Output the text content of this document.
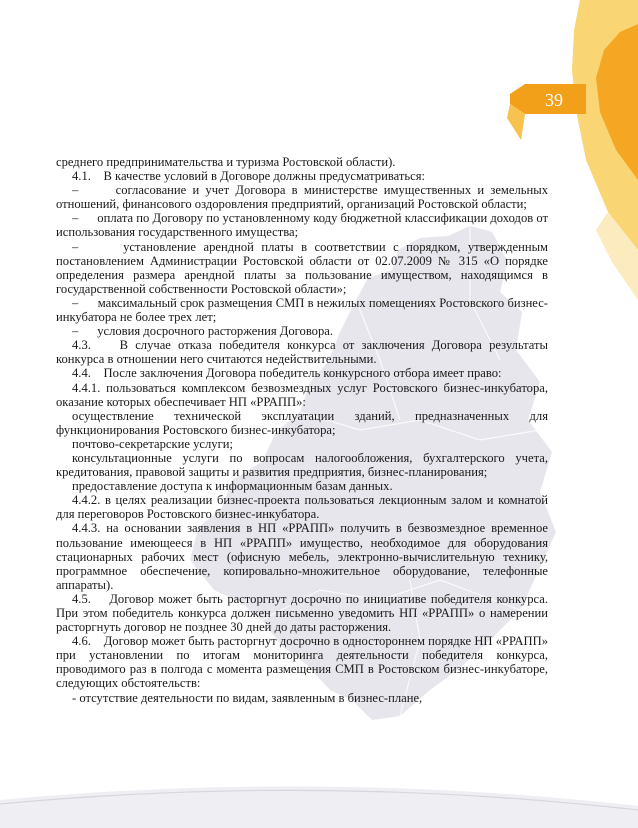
39

среднего предпринимательства и туризма Ростовской области).

4.1.    В качестве условий в Договоре должны предусматриваться:

–      согласование и учет Договора в министерстве имущественных и земельных отношений, финансового оздоровления предприятий, организаций Ростовской области;

–      оплата по Договору по установленному коду бюджетной классификации доходов от использования государственного имущества;

–      установление арендной платы в соответствии с порядком, утвержденным постановлением Администрации Ростовской области от 02.07.2009 № 315 «О порядке определения размера арендной платы за пользование имуществом, находящимся в государственной собственности Ростовской области»;

–      максимальный срок размещения СМП в нежилых помещениях Ростовского бизнес-инкубатора не более трех лет;

–      условия досрочного расторжения Договора.

4.3.    В случае отказа победителя конкурса от заключения Договора результаты конкурса в отношении него считаются недействительными.

4.4.    После заключения Договора победитель конкурсного отбора имеет право:

4.4.1. пользоваться комплексом безвозмездных услуг Ростовского бизнес-инкубатора, оказание которых обеспечивает НП «РРАПП»:

осуществление технической эксплуатации зданий, предназначенных для функционирования Ростовского бизнес-инкубатора;

почтово-секретарские услуги;

консультационные услуги по вопросам налогообложения, бухгалтерского учета, кредитования, правовой защиты и развития предприятия, бизнес-планирования;

предоставление доступа к информационным базам данных.

4.4.2. в целях реализации бизнес-проекта пользоваться лекционным залом и комнатой для переговоров Ростовского бизнес-инкубатора.

4.4.3. на основании заявления в НП «РРАПП» получить в безвозмездное временное пользование имеющееся в НП «РРАПП» имущество, необходимое для оборудования стационарных рабочих мест (офисную мебель, электронно-вычислительную технику, программное обеспечение, копировально-множительное оборудование, телефонные аппараты).

4.5.    Договор может быть расторгнут досрочно по инициативе победителя конкурса. При этом победитель конкурса должен письменно уведомить НП «РРАПП» о намерении расторгнуть договор не позднее 30 дней до даты расторжения.

4.6.    Договор может быть расторгнут досрочно в одностороннем порядке НП «РРАПП» при установлении по итогам мониторинга деятельности победителя конкурса, проводимого раз в полгода с момента размещения СМП в Ростовском бизнес-инкубаторе, следующих обстоятельств:

- отсутствие деятельности по видам, заявленным в бизнес-плане,
